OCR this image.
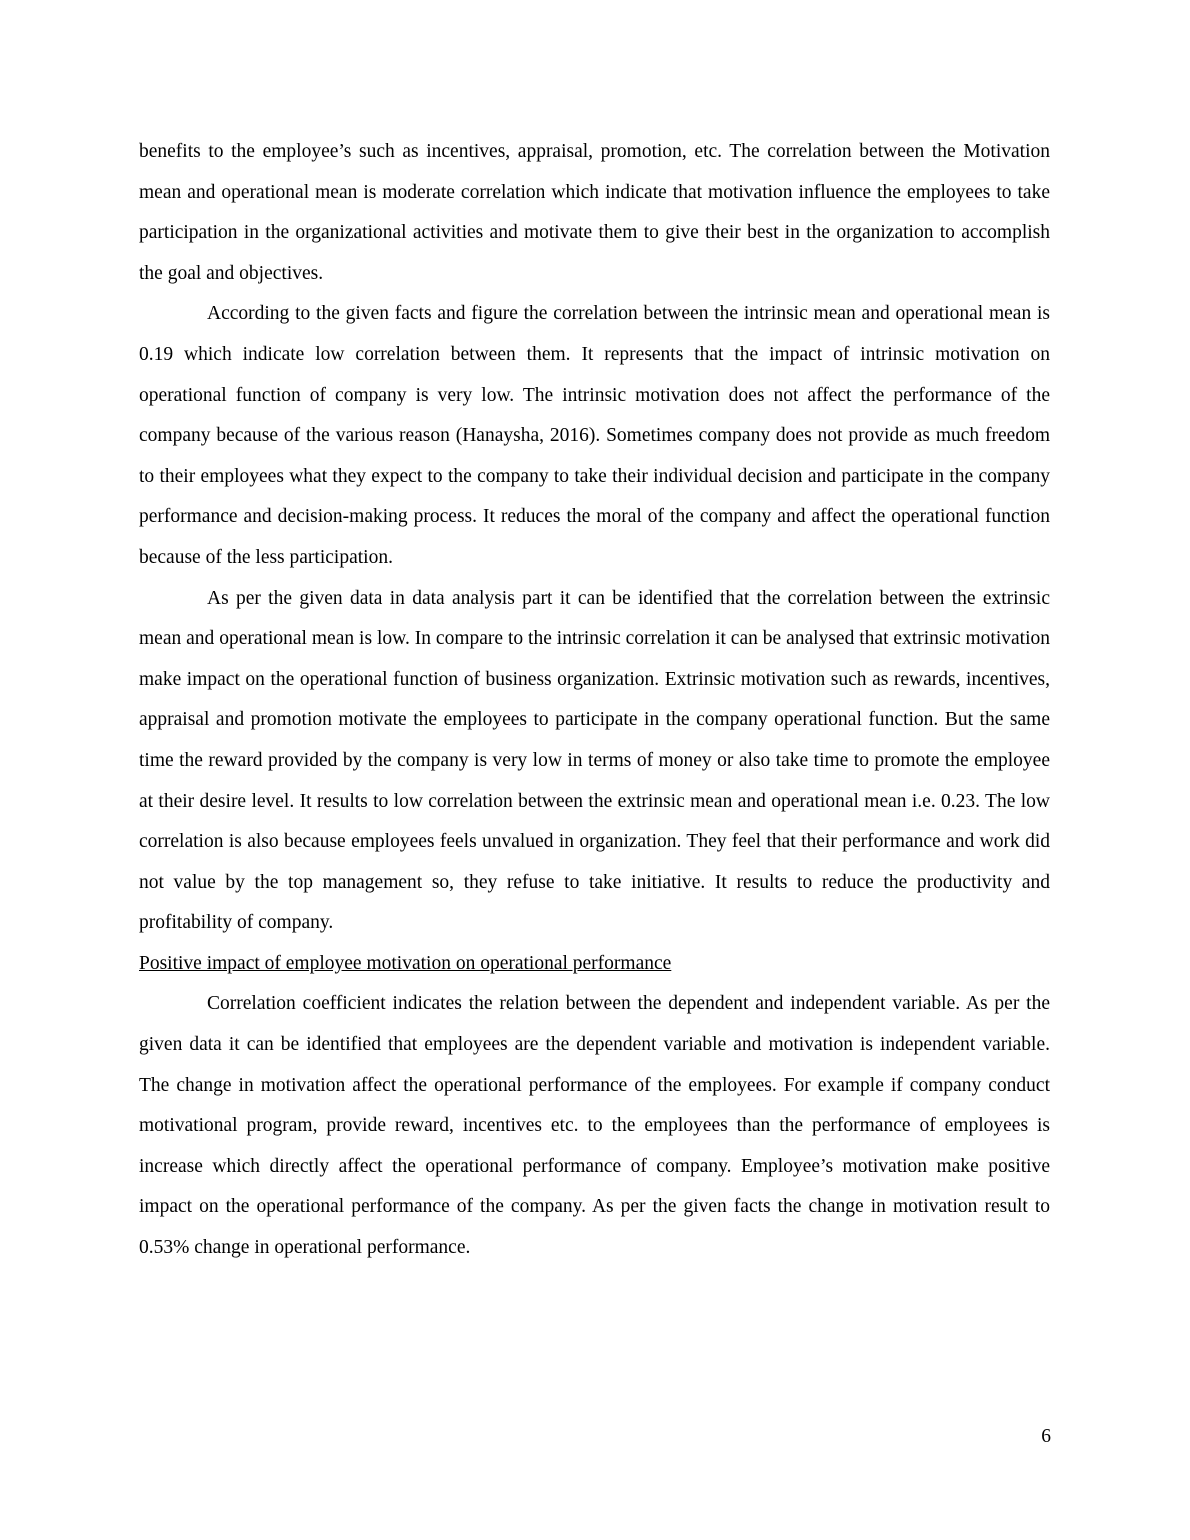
benefits to the employee’s such as incentives, appraisal, promotion, etc. The correlation between the Motivation mean and operational mean is moderate correlation which indicate that motivation influence the employees to take participation in the organizational activities and motivate them to give their best in the organization to accomplish the goal and objectives.

According to the given facts and figure the correlation between the intrinsic mean and operational mean is 0.19 which indicate low correlation between them. It represents that the impact of intrinsic motivation on operational function of company is very low. The intrinsic motivation does not affect the performance of the company because of the various reason (Hanaysha, 2016). Sometimes company does not provide as much freedom to their employees what they expect to the company to take their individual decision and participate in the company performance and decision-making process. It reduces the moral of the company and affect the operational function because of the less participation.

As per the given data in data analysis part it can be identified that the correlation between the extrinsic mean and operational mean is low. In compare to the intrinsic correlation it can be analysed that extrinsic motivation make impact on the operational function of business organization. Extrinsic motivation such as rewards, incentives, appraisal and promotion motivate the employees to participate in the company operational function. But the same time the reward provided by the company is very low in terms of money or also take time to promote the employee at their desire level. It results to low correlation between the extrinsic mean and operational mean i.e. 0.23. The low correlation is also because employees feels unvalued in organization. They feel that their performance and work did not value by the top management so, they refuse to take initiative. It results to reduce the productivity and profitability of company.

Positive impact of employee motivation on operational performance

Correlation coefficient indicates the relation between the dependent and independent variable. As per the given data it can be identified that employees are the dependent variable and motivation is independent variable. The change in motivation affect the operational performance of the employees. For example if company conduct motivational program, provide reward, incentives etc. to the employees than the performance of employees is increase which directly affect the operational performance of company. Employee’s motivation make positive impact on the operational performance of the company. As per the given facts the change in motivation result to 0.53% change in operational performance.

6
